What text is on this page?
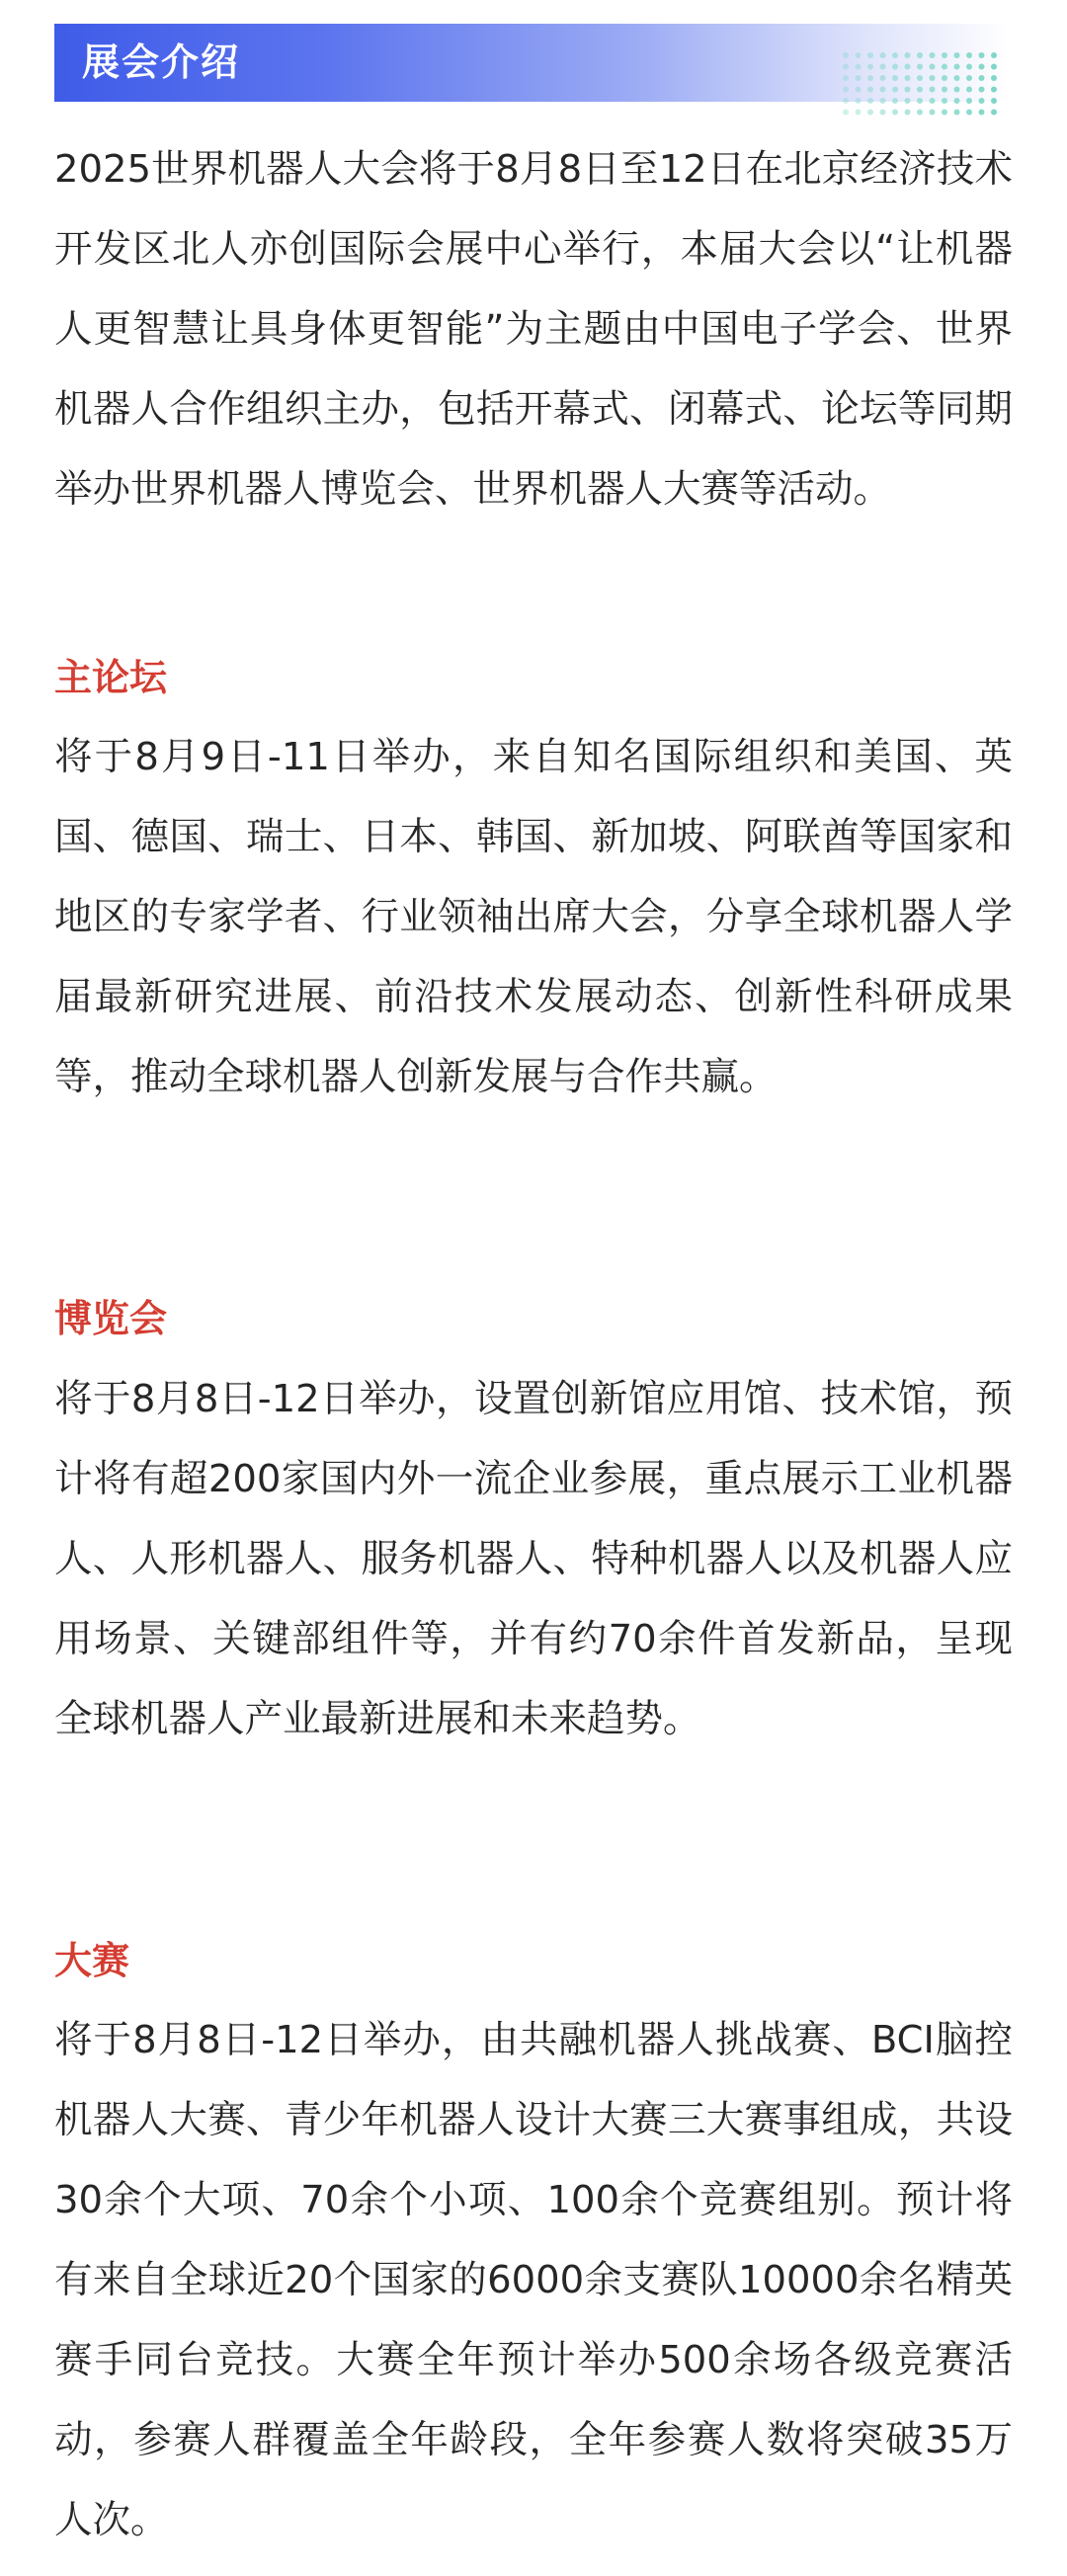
展会介绍

2025世界机器人大会将于8月8日至12日在北京经济技术开发区北人亦创国际会展中心举行，本届大会以“让机器人更智慧让具身体更智能”为主题由中国电子学会、世界机器人合作组织主办，包括开幕式、闭幕式、论坛等同期举办世界机器人博览会、世界机器人大赛等活动。

主论坛

将于8月9日-11日举办，来自知名国际组织和美国、英国、德国、瑞士、日本、韩国、新加坡、阿联酋等国家和地区的专家学者、行业领袖出席大会，分享全球机器人学届最新研究进展、前沿技术发展动态、创新性科研成果等，推动全球机器人创新发展与合作共赢。

博览会

将于8月8日-12日举办，设置创新馆应用馆、技术馆，预计将有超200家国内外一流企业参展，重点展示工业机器人、人形机器人、服务机器人、特种机器人以及机器人应用场景、关键部组件等，并有约70余件首发新品，呈现全球机器人产业最新进展和未来趋势。

大赛

将于8月8日-12日举办，由共融机器人挑战赛、BCI脑控机器人大赛、青少年机器人设计大赛三大赛事组成，共设30余个大项、70余个小项、100余个竞赛组别。预计将有来自全球近20个国家的6000余支赛队10000余名精英赛手同台竞技。大赛全年预计举办500余场各级竞赛活动，参赛人群覆盖全年龄段，全年参赛人数将突破35万人次。
